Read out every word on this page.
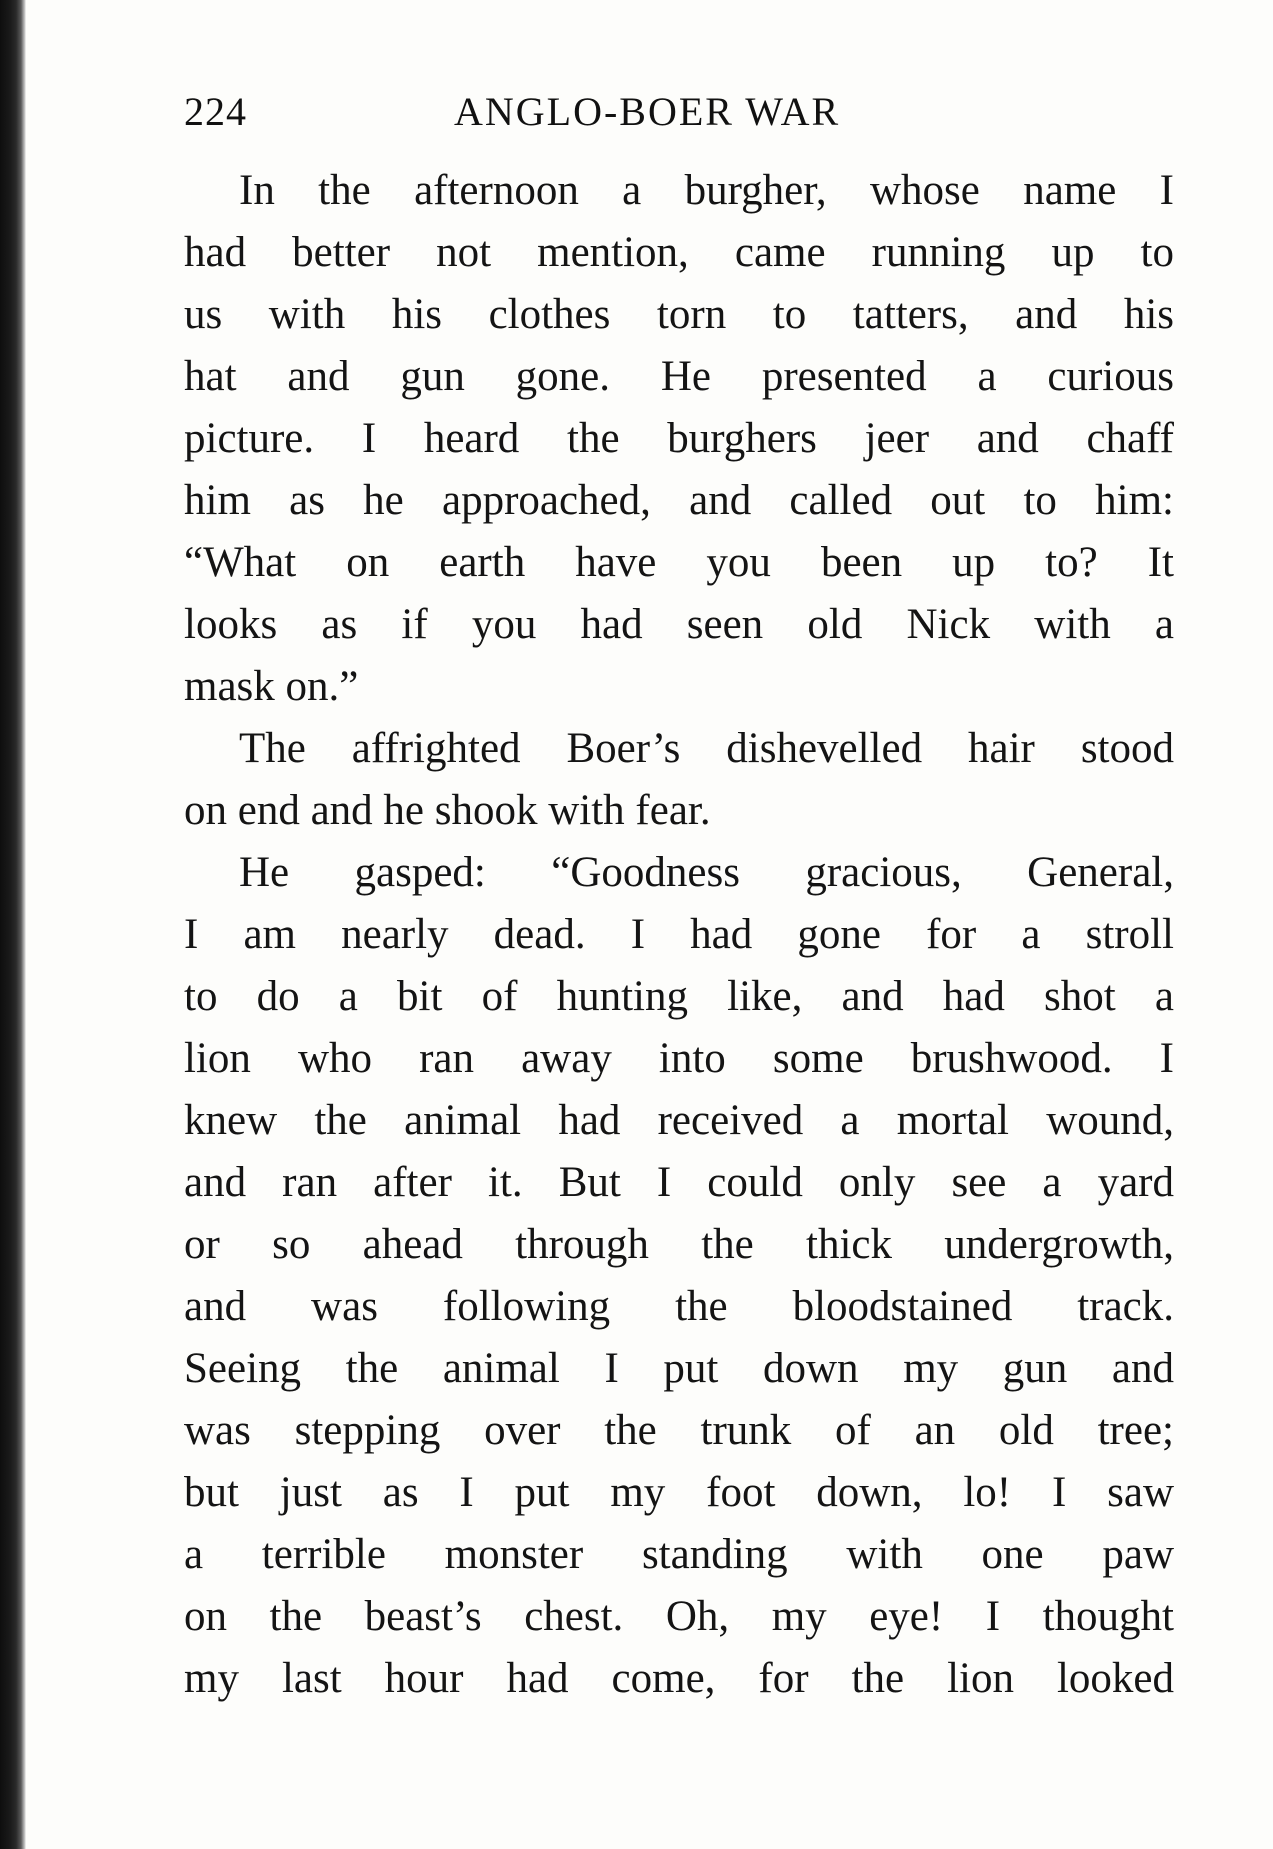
224	ANGLO-BOER WAR
In the afternoon a burgher, whose name I
had better not mention, came running up to
us with his clothes torn to tatters, and his
hat and gun gone. He presented a curious
picture. I heard the burghers jeer and chaff
him as he approached, and called out to him:
“What on earth have you been up to? It
looks as if you had seen old Nick with a
mask on.”
The affrighted Boer’s dishevelled hair stood
on end and he shook with fear.
He gasped: “Goodness gracious, General,
I am nearly dead. I had gone for a stroll
to do a bit of hunting like, and had shot a
lion who ran away into some brushwood. I
knew the animal had received a mortal wound,
and ran after it. But I could only see a yard
or so ahead through the thick undergrowth,
and was following the bloodstained track.
Seeing the animal I put down my gun and
was stepping over the trunk of an old tree;
but just as I put my foot down, lo! I saw
a terrible monster standing with one paw
on the beast’s chest. Oh, my eye! I thought
my last hour had come, for the lion looked
